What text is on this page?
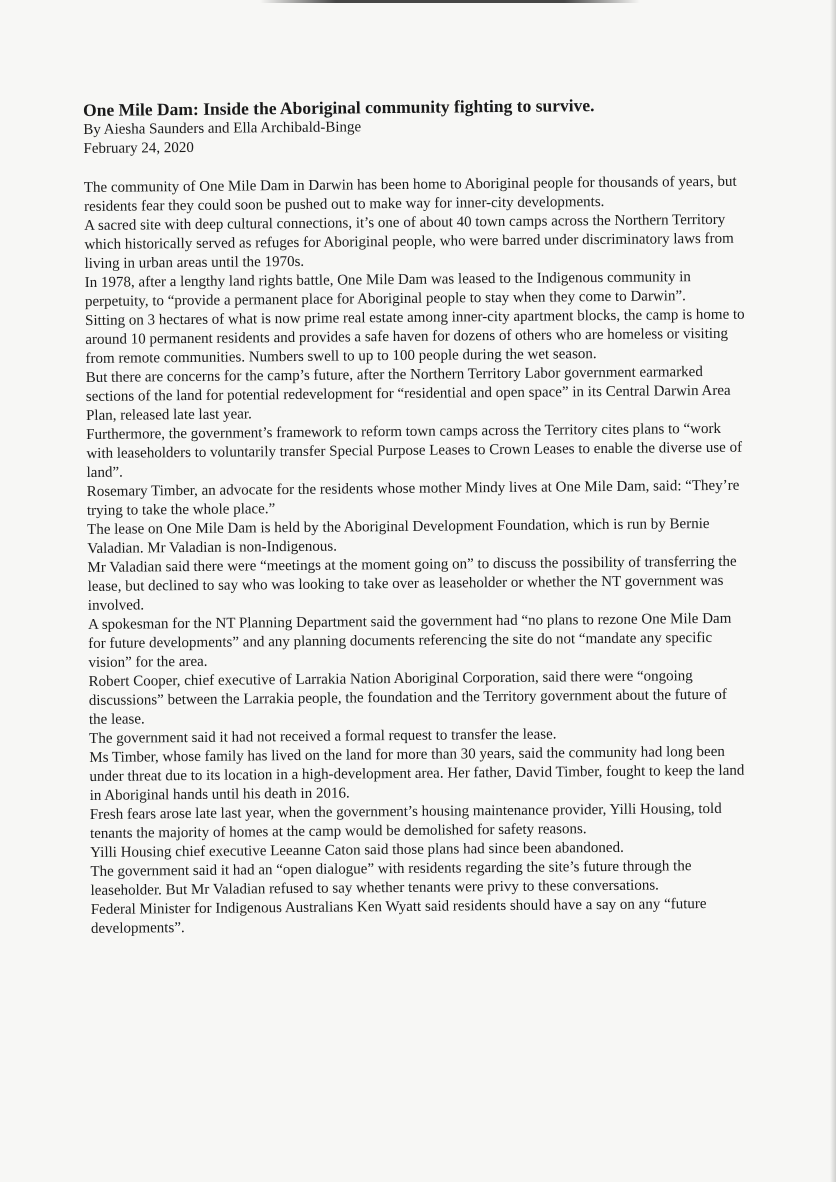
One Mile Dam: Inside the Aboriginal community fighting to survive.

By Aiesha Saunders and Ella Archibald-Binge

February 24, 2020

The community of One Mile Dam in Darwin has been home to Aboriginal people for thousands of years, but residents fear they could soon be pushed out to make way for inner-city developments.

A sacred site with deep cultural connections, it’s one of about 40 town camps across the Northern Territory which historically served as refuges for Aboriginal people, who were barred under discriminatory laws from living in urban areas until the 1970s.

In 1978, after a lengthy land rights battle, One Mile Dam was leased to the Indigenous community in perpetuity, to “provide a permanent place for Aboriginal people to stay when they come to Darwin”.

Sitting on 3 hectares of what is now prime real estate among inner-city apartment blocks, the camp is home to around 10 permanent residents and provides a safe haven for dozens of others who are homeless or visiting from remote communities. Numbers swell to up to 100 people during the wet season.

But there are concerns for the camp’s future, after the Northern Territory Labor government earmarked sections of the land for potential redevelopment for “residential and open space” in its Central Darwin Area Plan, released late last year.

Furthermore, the government’s framework to reform town camps across the Territory cites plans to “work with leaseholders to voluntarily transfer Special Purpose Leases to Crown Leases to enable the diverse use of land”.

Rosemary Timber, an advocate for the residents whose mother Mindy lives at One Mile Dam, said: “They’re trying to take the whole place.”

The lease on One Mile Dam is held by the Aboriginal Development Foundation, which is run by Bernie Valadian. Mr Valadian is non-Indigenous.

Mr Valadian said there were “meetings at the moment going on” to discuss the possibility of transferring the lease, but declined to say who was looking to take over as leaseholder or whether the NT government was involved.

A spokesman for the NT Planning Department said the government had “no plans to rezone One Mile Dam for future developments” and any planning documents referencing the site do not “mandate any specific vision” for the area.

Robert Cooper, chief executive of Larrakia Nation Aboriginal Corporation, said there were “ongoing discussions” between the Larrakia people, the foundation and the Territory government about the future of the lease.

The government said it had not received a formal request to transfer the lease.

Ms Timber, whose family has lived on the land for more than 30 years, said the community had long been under threat due to its location in a high-development area. Her father, David Timber, fought to keep the land in Aboriginal hands until his death in 2016.

Fresh fears arose late last year, when the government’s housing maintenance provider, Yilli Housing, told tenants the majority of homes at the camp would be demolished for safety reasons.

Yilli Housing chief executive Leeanne Caton said those plans had since been abandoned.

The government said it had an “open dialogue” with residents regarding the site’s future through the leaseholder. But Mr Valadian refused to say whether tenants were privy to these conversations.

Federal Minister for Indigenous Australians Ken Wyatt said residents should have a say on any “future developments”.
